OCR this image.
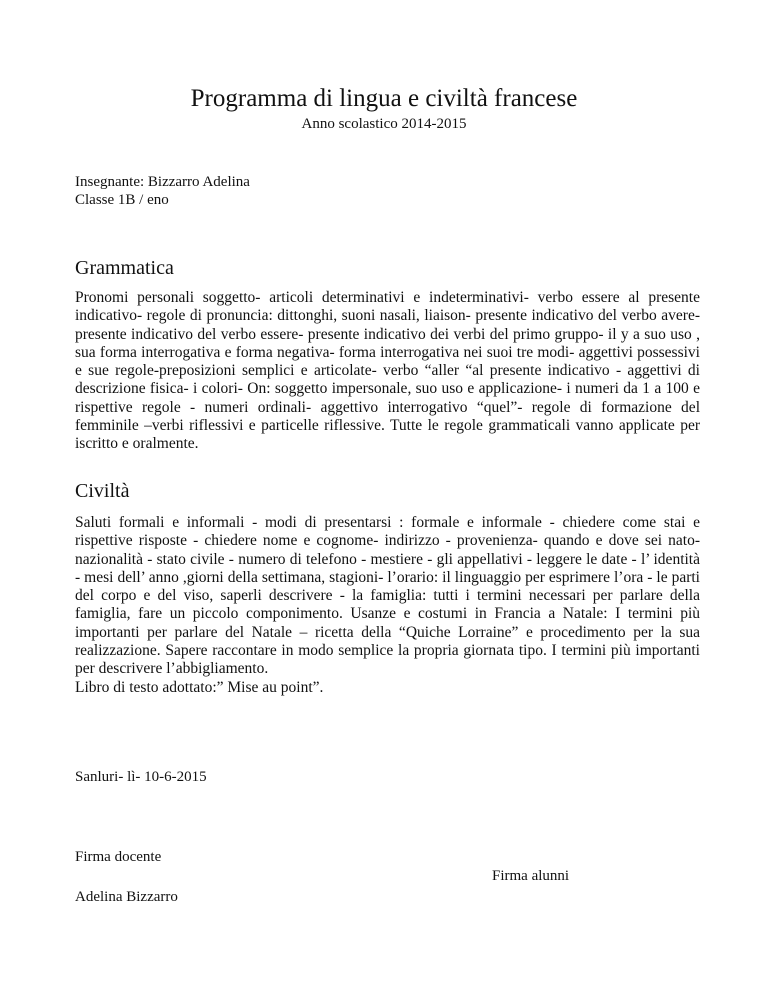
Programma di lingua e civiltà francese
Anno scolastico 2014-2015
Insegnante: Bizzarro Adelina
Classe 1B / eno
Grammatica
Pronomi personali soggetto- articoli determinativi e indeterminativi- verbo essere al presente indicativo- regole di pronuncia: dittonghi, suoni nasali, liaison- presente indicativo del verbo avere- presente indicativo del verbo essere- presente indicativo dei verbi del primo gruppo- il y a suo uso , sua forma interrogativa e forma negativa- forma interrogativa nei suoi tre modi- aggettivi possessivi e sue regole-preposizioni semplici e articolate- verbo “aller “al presente indicativo - aggettivi di descrizione fisica- i colori- On: soggetto impersonale, suo uso e applicazione- i numeri da 1 a 100 e rispettive regole - numeri ordinali- aggettivo interrogativo “quel”- regole di formazione del femminile –verbi riflessivi e particelle riflessive. Tutte le regole grammaticali vanno applicate per iscritto e oralmente.
Civiltà
Saluti formali e informali - modi di presentarsi : formale e informale - chiedere come stai e rispettive risposte - chiedere nome e cognome- indirizzo - provenienza- quando e dove sei nato- nazionalità - stato civile - numero di telefono - mestiere - gli appellativi - leggere le date - l’ identità - mesi dell’ anno ,giorni della settimana, stagioni- l’orario: il linguaggio per esprimere l’ora - le parti del corpo e del viso, saperli descrivere - la famiglia: tutti i termini necessari per parlare della famiglia, fare un piccolo componimento. Usanze e costumi in Francia a Natale: I termini più importanti per parlare del Natale – ricetta della “Quiche Lorraine” e procedimento per la sua realizzazione. Sapere raccontare in modo semplice la propria giornata tipo. I termini più importanti per descrivere l’abbigliamento.
Libro di testo adottato:” Mise au point”.
Sanluri- lì- 10-6-2015
Firma docente
Adelina Bizzarro
Firma alunni
